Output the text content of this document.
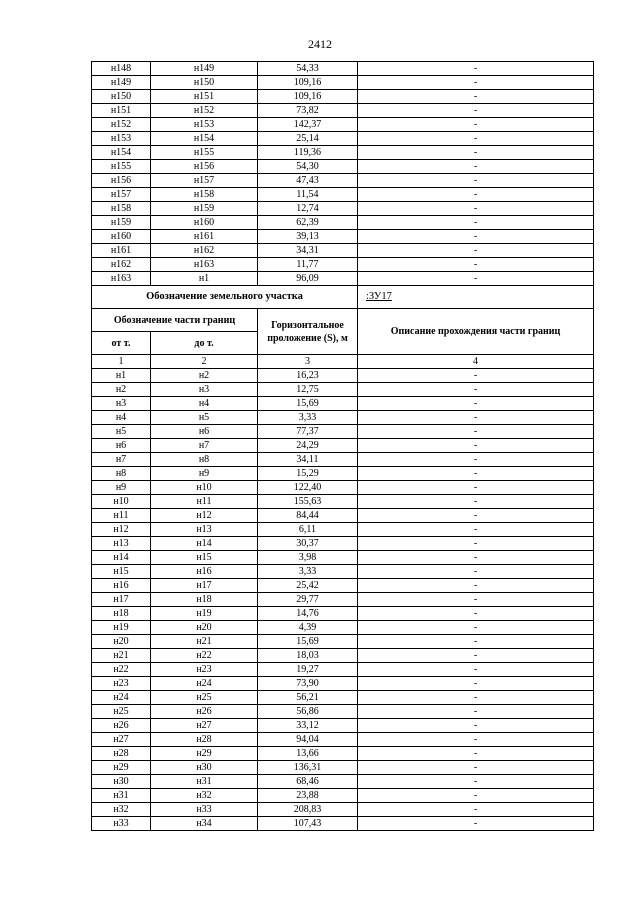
2412
н148	н149	54,33	-
н149	н150	109,16	-
н150	н151	109,16	-
н151	н152	73,82	-
н152	н153	142,37	-
н153	н154	25,14	-
н154	н155	119,36	-
н155	н156	54,30	-
н156	н157	47,43	-
н157	н158	11,54	-
н158	н159	12,74	-
н159	н160	62,39	-
н160	н161	39,13	-
н161	н162	34,31	-
н162	н163	11,77	-
н163	н1	96,09	-
Обозначение земельного участка			:ЗУ17
Обозначение части границ		Горизонтальное проложение (S), м	Описание прохождения части границ
от т.	до т.		
1	2	3	4
н1	н2	16,23	-
н2	н3	12,75	-
н3	н4	15,69	-
н4	н5	3,33	-
н5	н6	77,37	-
н6	н7	24,29	-
н7	н8	34,11	-
н8	н9	15,29	-
н9	н10	122,40	-
н10	н11	155,63	-
н11	н12	84,44	-
н12	н13	6,11	-
н13	н14	30,37	-
н14	н15	3,98	-
н15	н16	3,33	-
н16	н17	25,42	-
н17	н18	29,77	-
н18	н19	14,76	-
н19	н20	4,39	-
н20	н21	15,69	-
н21	н22	18,03	-
н22	н23	19,27	-
н23	н24	73,90	-
н24	н25	56,21	-
н25	н26	56,86	-
н26	н27	33,12	-
н27	н28	94,04	-
н28	н29	13,66	-
н29	н30	136,31	-
н30	н31	68,46	-
н31	н32	23,88	-
н32	н33	208,83	-
н33	н34	107,43	-
